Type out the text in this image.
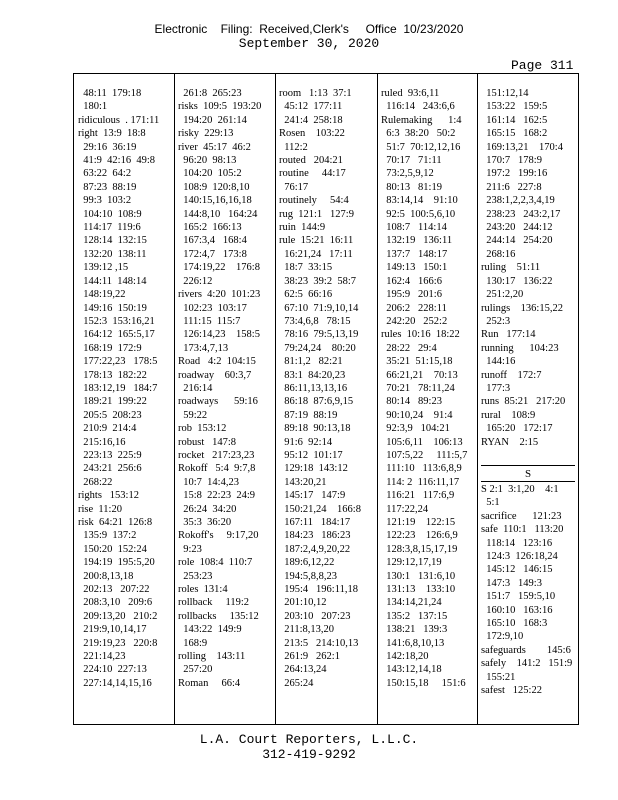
Electronic    Filing:  Received,Clerk's     Office  10/23/2020
September 30, 2020
Page 311
48:11  179:18
180:1
ridiculous  . 171:11
right  13:9  18:8
29:16  36:19
41:9  42:16  49:8
63:22  64:2
87:23  88:19
99:3  103:2
104:10  108:9
114:17  119:6
128:14  132:15
132:20  138:11
139:12 ,15
144:11  148:14
148:19,22
149:16  150:19
152:3  153:16,21
164:12  165:5,17
168:19  172:9
177:22,23   178:5
178:13  182:22
183:12,19   184:7
189:21  199:22
205:5  208:23
210:9  214:4
215:16,16
223:13  225:9
243:21  256:6
268:22
rights   153:12
rise  11:20
risk  64:21  126:8
135:9  137:2
150:20  152:24
194:19  195:5,20
200:8,13,18
202:13   207:22
208:3,10   209:6
209:13,20   210:2
219:9,10,14,17
219:19,23   220:8
221:14,23
224:10  227:13
227:14,14,15,16
261:8  265:23
risks  109:5  193:20
194:20  261:14
risky  229:13
river  45:17  46:2
96:20  98:13
104:20  105:2
108:9  120:8,10
140:15,16,16,18
144:8,10   164:24
165:2  166:13
167:3,4   168:4
172:4,7   173:8
174:19,22    176:8
226:12
rivers  4:20  101:23
102:23  103:17
111:15  115:7
126:14,23    158:5
173:4,7,13
Road   4:2  104:15
roadway    60:3,7
216:14
roadways      59:16
59:22
rob  153:12
robust   147:8
rocket   217:23,23
Rokoff   5:4  9:7,8
10:7  14:4,23
15:8  22:23  24:9
26:24  34:20
35:3  36:20
Rokoff's     9:17,20
9:23
role  108:4  110:7
253:23
roles  131:4
rollback     119:2
rollbacks     135:12
143:22  149:9
168:9
rolling    143:11
257:20
Roman     66:4
room   1:13  37:1
45:12  177:11
241:4  258:18
Rosen    103:22
112:2
routed   204:21
routine     44:17
76:17
routinely     54:4
rug  121:1   127:9
ruin  144:9
rule  15:21  16:11
16:21,24   17:11
18:7  33:15
38:23  39:2  58:7
62:5  66:16
67:10  71:9,10,14
73:4,6,8   78:15
78:16  79:5,13,19
79:24,24    80:20
81:1,2   82:21
83:1  84:20,23
86:11,13,13,16
86:18  87:6,9,15
87:19  88:19
89:18  90:13,18
91:6  92:14
95:12  101:17
129:18  143:12
143:20,21
145:17   147:9
150:21,24    166:8
167:11   184:17
184:23   186:23
187:2,4,9,20,22
189:6,12,22
194:5,8,8,23
195:4   196:11,18
201:10,12
203:10   207:23
211:8,13,20
213:5   214:10,13
261:9   262:1
264:13,24
265:24
ruled  93:6,11
116:14   243:6,6
Rulemaking      1:4
6:3  38:20   50:2
51:7  70:12,12,16
70:17   71:11
73:2,5,9,12
80:13   81:19
83:14,14    91:10
92:5  100:5,6,10
108:7   114:14
132:19   136:11
137:7   148:17
149:13   150:1
162:4   166:6
195:9   201:6
206:2   228:11
242:20   252:2
rules  10:16  18:22
28:22   29:4
35:21  51:15,18
66:21,21    70:13
70:21   78:11,24
80:14   89:23
90:10,24    91:4
92:3,9   104:21
105:6,11    106:13
107:5,22     111:5,7
111:10   113:6,8,9
114: 2  116:11,17
116:21   117:6,9
117:22,24
121:19    122:15
122:23    126:6,9
128:3,8,15,17,19
129:12,17,19
130:1   131:6,10
131:13    133:10
134:14,21,24
135:2   137:15
138:21   139:3
141:6,8,10,13
142:18,20
143:12,14,18
150:15,18     151:6
151:12,14
153:22   159:5
161:14   162:5
165:15   168:2
169:13,21    170:4
170:7   178:9
197:2   199:16
211:6   227:8
238:1,2,2,3,4,19
238:23   243:2,17
243:20   244:12
244:14   254:20
268:16
ruling    51:11
130:17   136:22
251:2,20
rulings    136:15,22
252:3
Run   177:14
running      104:23
144:16
runoff    172:7
177:3
runs  85:21   217:20
rural    108:9
165:20   172:17
RYAN    2:15
S
S 2:1  3:1,20    4:1
5:1
sacrifice      121:23
safe  110:1   113:20
118:14   123:16
124:3  126:18,24
145:12   146:15
147:3   149:3
151:7   159:5,10
160:10   163:16
165:10   168:3
172:9,10
safeguards        145:6
safely    141:2   151:9
155:21
safest   125:22
L.A. Court Reporters, L.L.C.
312-419-9292
